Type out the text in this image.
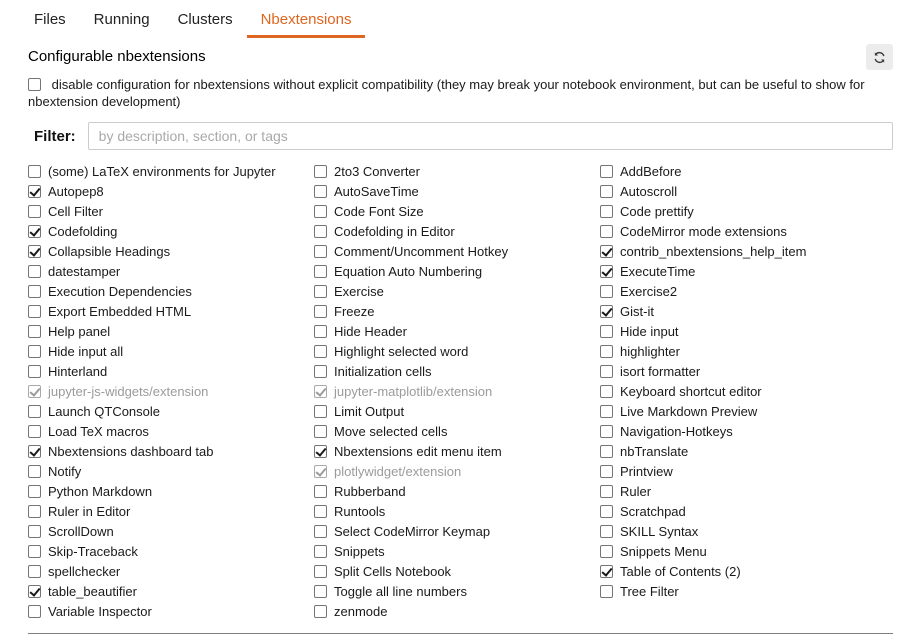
Files	Running	Clusters	Nbextensions
Configurable nbextensions
disable configuration for nbextensions without explicit compatibility (they may break your notebook environment, but can be useful to show for nbextension development)
Filter:
by description, section, or tags
(some) LaTeX environments for Jupyter
Autopep8
Cell Filter
Codefolding
Collapsible Headings
datestamper
Execution Dependencies
Export Embedded HTML
Help panel
Hide input all
Hinterland
jupyter-js-widgets/extension
Launch QTConsole
Load TeX macros
Nbextensions dashboard tab
Notify
Python Markdown
Ruler in Editor
ScrollDown
Skip-Traceback
spellchecker
table_beautifier
Variable Inspector
2to3 Converter
AutoSaveTime
Code Font Size
Codefolding in Editor
Comment/Uncomment Hotkey
Equation Auto Numbering
Exercise
Freeze
Hide Header
Highlight selected word
Initialization cells
jupyter-matplotlib/extension
Limit Output
Move selected cells
Nbextensions edit menu item
plotlywidget/extension
Rubberband
Runtools
Select CodeMirror Keymap
Snippets
Split Cells Notebook
Toggle all line numbers
zenmode
AddBefore
Autoscroll
Code prettify
CodeMirror mode extensions
contrib_nbextensions_help_item
ExecuteTime
Exercise2
Gist-it
Hide input
highlighter
isort formatter
Keyboard shortcut editor
Live Markdown Preview
Navigation-Hotkeys
nbTranslate
Printview
Ruler
Scratchpad
SKILL Syntax
Snippets Menu
Table of Contents (2)
Tree Filter
